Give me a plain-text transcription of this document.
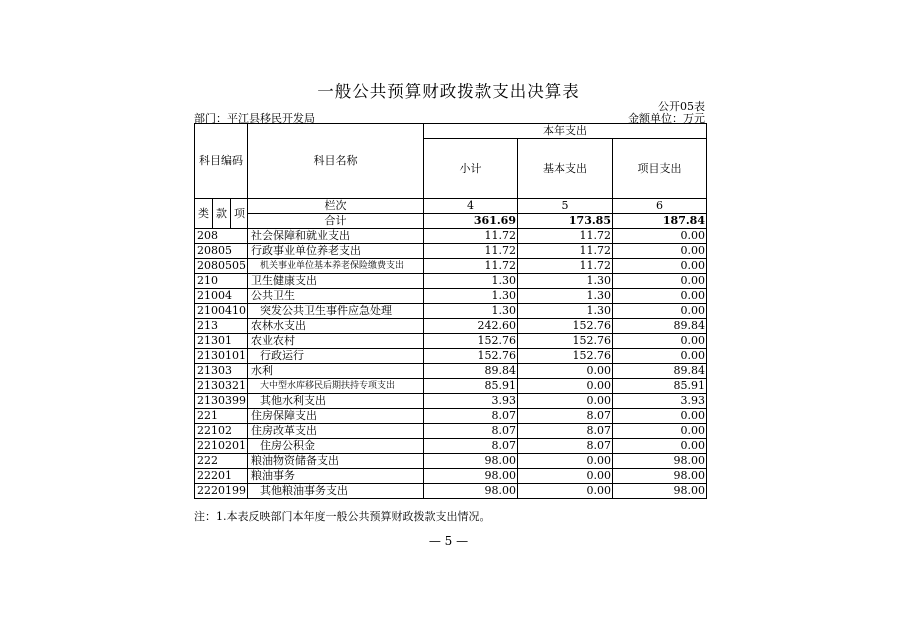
一般公共预算财政拨款支出决算表
公开05表
部门：平江县移民开发局	金额单位：万元
科目编码			科目名称	本年支出		
				小计	基本支出	项目支出
类	款	项	栏次	4	5	6
			合计	361.69	173.85	187.84
208			社会保障和就业支出	11.72	11.72	0.00
20805			行政事业单位养老支出	11.72	11.72	0.00
2080505			机关事业单位基本养老保险缴费支出	11.72	11.72	0.00
210			卫生健康支出	1.30	1.30	0.00
21004			公共卫生	1.30	1.30	0.00
2100410			突发公共卫生事件应急处理	1.30	1.30	0.00
213			农林水支出	242.60	152.76	89.84
21301			农业农村	152.76	152.76	0.00
2130101			行政运行	152.76	152.76	0.00
21303			水利	89.84	0.00	89.84
2130321			大中型水库移民后期扶持专项支出	85.91	0.00	85.91
2130399			其他水利支出	3.93	0.00	3.93
221			住房保障支出	8.07	8.07	0.00
22102			住房改革支出	8.07	8.07	0.00
2210201			住房公积金	8.07	8.07	0.00
222			粮油物资储备支出	98.00	0.00	98.00
22201			粮油事务	98.00	0.00	98.00
2220199			其他粮油事务支出	98.00	0.00	98.00
注：1.本表反映部门本年度一般公共预算财政拨款支出情况。
— 5 —
